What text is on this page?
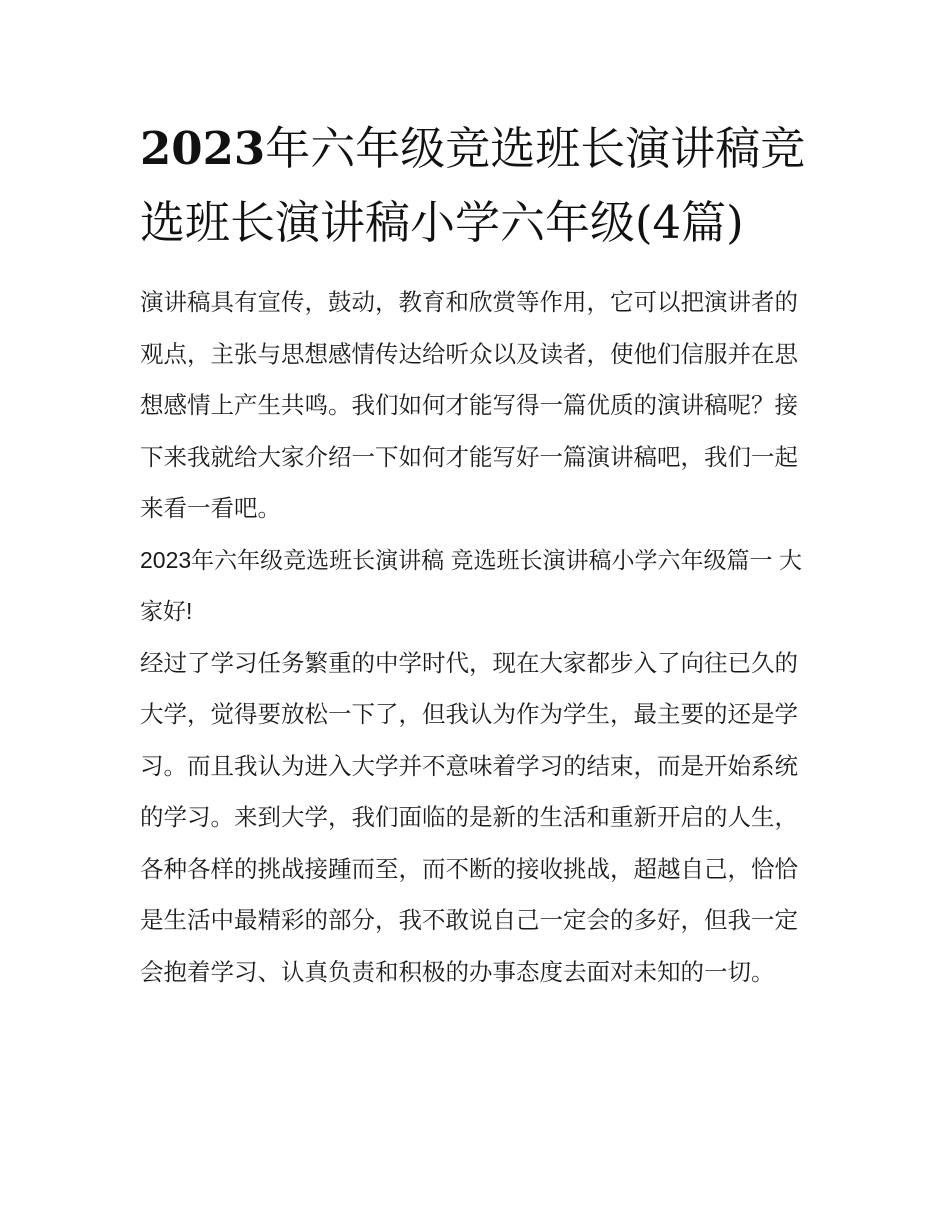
2023年六年级竞选班长演讲稿竞选班长演讲稿小学六年级(4篇)

演讲稿具有宣传，鼓动，教育和欣赏等作用，它可以把演讲者的观点，主张与思想感情传达给听众以及读者，使他们信服并在思想感情上产生共鸣。我们如何才能写得一篇优质的演讲稿呢？接下来我就给大家介绍一下如何才能写好一篇演讲稿吧，我们一起来看一看吧。

2023年六年级竞选班长演讲稿 竞选班长演讲稿小学六年级篇一 大家好!

经过了学习任务繁重的中学时代，现在大家都步入了向往已久的大学，觉得要放松一下了，但我认为作为学生，最主要的还是学习。而且我认为进入大学并不意味着学习的结束，而是开始系统的学习。来到大学，我们面临的是新的生活和重新开启的人生，各种各样的挑战接踵而至，而不断的接收挑战，超越自己，恰恰是生活中最精彩的部分，我不敢说自己一定会的多好，但我一定会抱着学习、认真负责和积极的办事态度去面对未知的一切。
